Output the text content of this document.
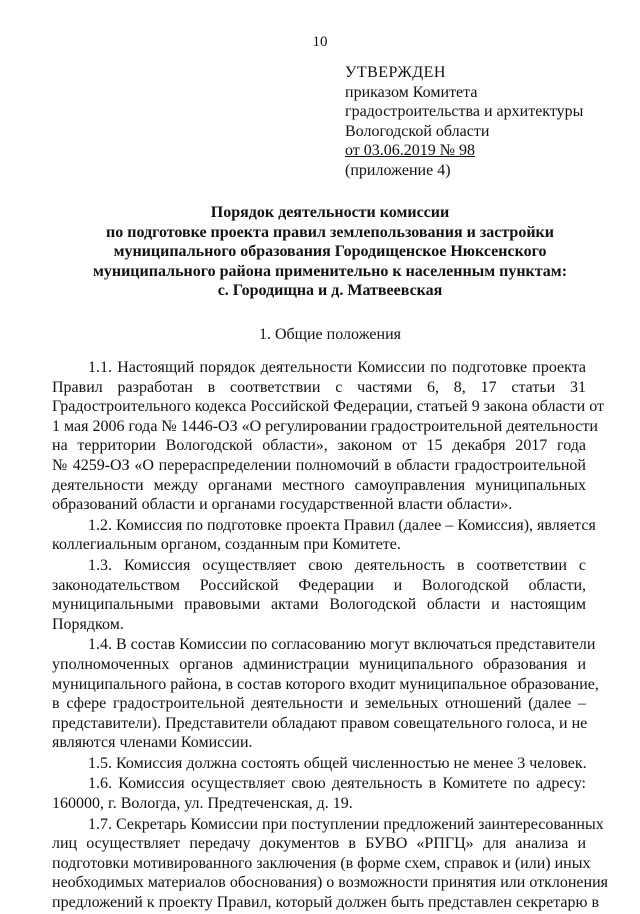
10
УТВЕРЖДЕН
приказом Комитета
градостроительства и архитектуры
Вологодской области
от 03.06.2019 № 98
(приложение 4)
Порядок деятельности комиссии
по подготовке проекта правил землепользования и застройки
муниципального образования Городищенское Нюксенского
муниципального района применительно к населенным пунктам:
с. Городищна и д. Матвеевская
1. Общие положения
1.1. Настоящий порядок деятельности Комиссии по подготовке проекта
Правил разработан в соответствии с частями 6, 8, 17 статьи 31
Градостроительного кодекса Российской Федерации, статьей 9 закона области от
1 мая 2006 года № 1446-ОЗ «О регулировании градостроительной деятельности
на территории Вологодской области», законом от 15 декабря 2017 года
№ 4259-ОЗ «О перераспределении полномочий в области градостроительной
деятельности между органами местного самоуправления муниципальных
образований области и органами государственной власти области».
1.2. Комиссия по подготовке проекта Правил (далее – Комиссия), является
коллегиальным органом, созданным при Комитете.
1.3. Комиссия осуществляет свою деятельность в соответствии с
законодательством Российской Федерации и Вологодской области,
муниципальными правовыми актами Вологодской области и настоящим
Порядком.
1.4. В состав Комиссии по согласованию могут включаться представители
уполномоченных органов администрации муниципального образования и
муниципального района, в состав которого входит муниципальное образование,
в сфере градостроительной деятельности и земельных отношений (далее –
представители). Представители обладают правом совещательного голоса, и не
являются членами Комиссии.
1.5. Комиссия должна состоять общей численностью не менее 3 человек.
1.6. Комиссия осуществляет свою деятельность в Комитете по адресу:
160000, г. Вологда, ул. Предтеченская, д. 19.
1.7. Секретарь Комиссии при поступлении предложений заинтересованных
лиц осуществляет передачу документов в БУВО «РПГЦ» для анализа и
подготовки мотивированного заключения (в форме схем, справок и (или) иных
необходимых материалов обоснования) о возможности принятия или отклонения
предложений к проекту Правил, который должен быть представлен секретарю в
